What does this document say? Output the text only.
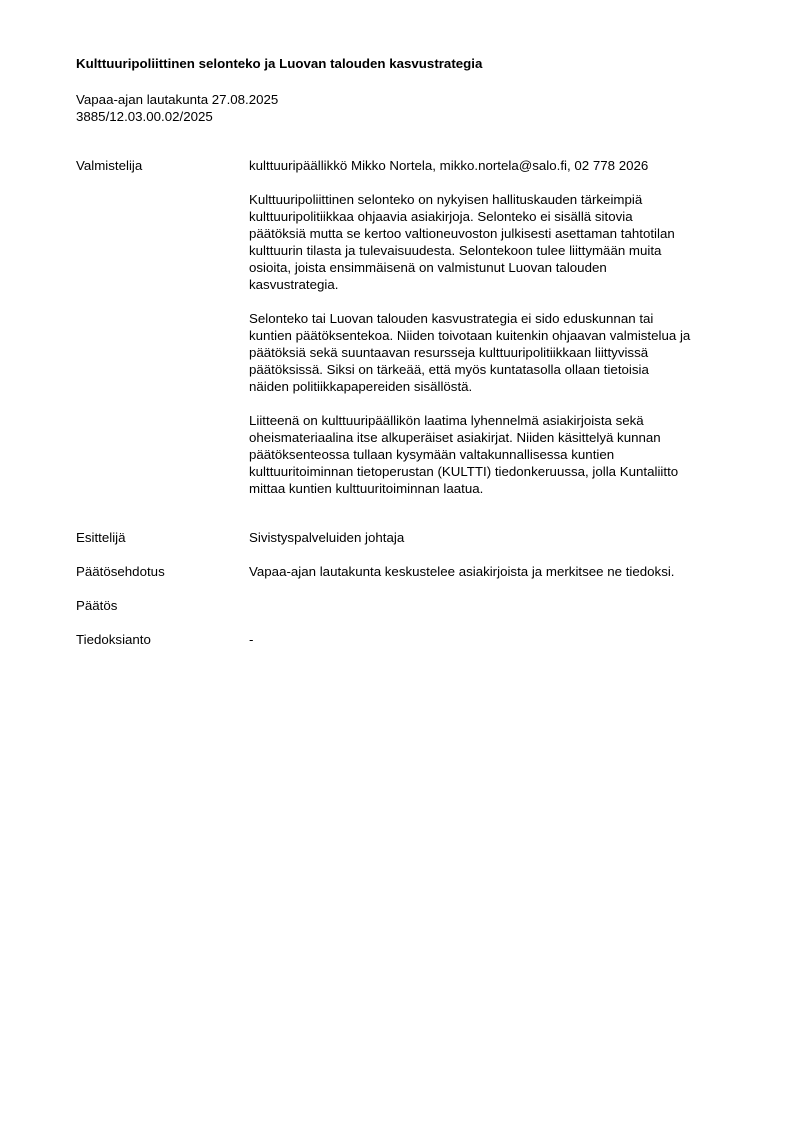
Kulttuuripoliittinen selonteko ja Luovan talouden kasvustrategia
Vapaa-ajan lautakunta 27.08.2025
3885/12.03.00.02/2025
Valmistelija	kulttuuripäällikkö Mikko Nortela, mikko.nortela@salo.fi, 02 778 2026

Kulttuuripoliittinen selonteko on nykyisen hallituskauden tärkeimpiä
kulttuuripolitiikkaa ohjaavia asiakirjoja. Selonteko ei sisällä sitovia
päätöksiä mutta se kertoo valtioneuvoston julkisesti asettaman tahtotilan
kulttuurin tilasta ja tulevaisuudesta. Selontekoon tulee liittymään muita
osioita, joista ensimmäisenä on valmistunut Luovan talouden
kasvustrategia.

Selonteko tai Luovan talouden kasvustrategia ei sido eduskunnan tai
kuntien päätöksentekoa. Niiden toivotaan kuitenkin ohjaavan valmistelua ja
päätöksiä sekä suuntaavan resursseja kulttuuripolitiikkaan liittyvissä
päätöksissä. Siksi on tärkeää, että myös kuntatasolla ollaan tietoisia
näiden politiikkapapereiden sisällöstä.

Liitteenä on kulttuuripäällikön laatima lyhennelmä asiakirjoista sekä
oheismateriaalina itse alkuperäiset asiakirjat. Niiden käsittelyä kunnan
päätöksenteossa tullaan kysymään valtakunnallisessa kuntien
kulttuuritoiminnan tietoperustan (KULTTI) tiedonkeruussa, jolla Kuntaliitto
mittaa kuntien kulttuuritoiminnan laatua.

Esittelijä	Sivistyspalveluiden johtaja
Päätösehdotus	Vapaa-ajan lautakunta keskustelee asiakirjoista ja merkitsee ne tiedoksi.
Päätös
Tiedoksianto	-
